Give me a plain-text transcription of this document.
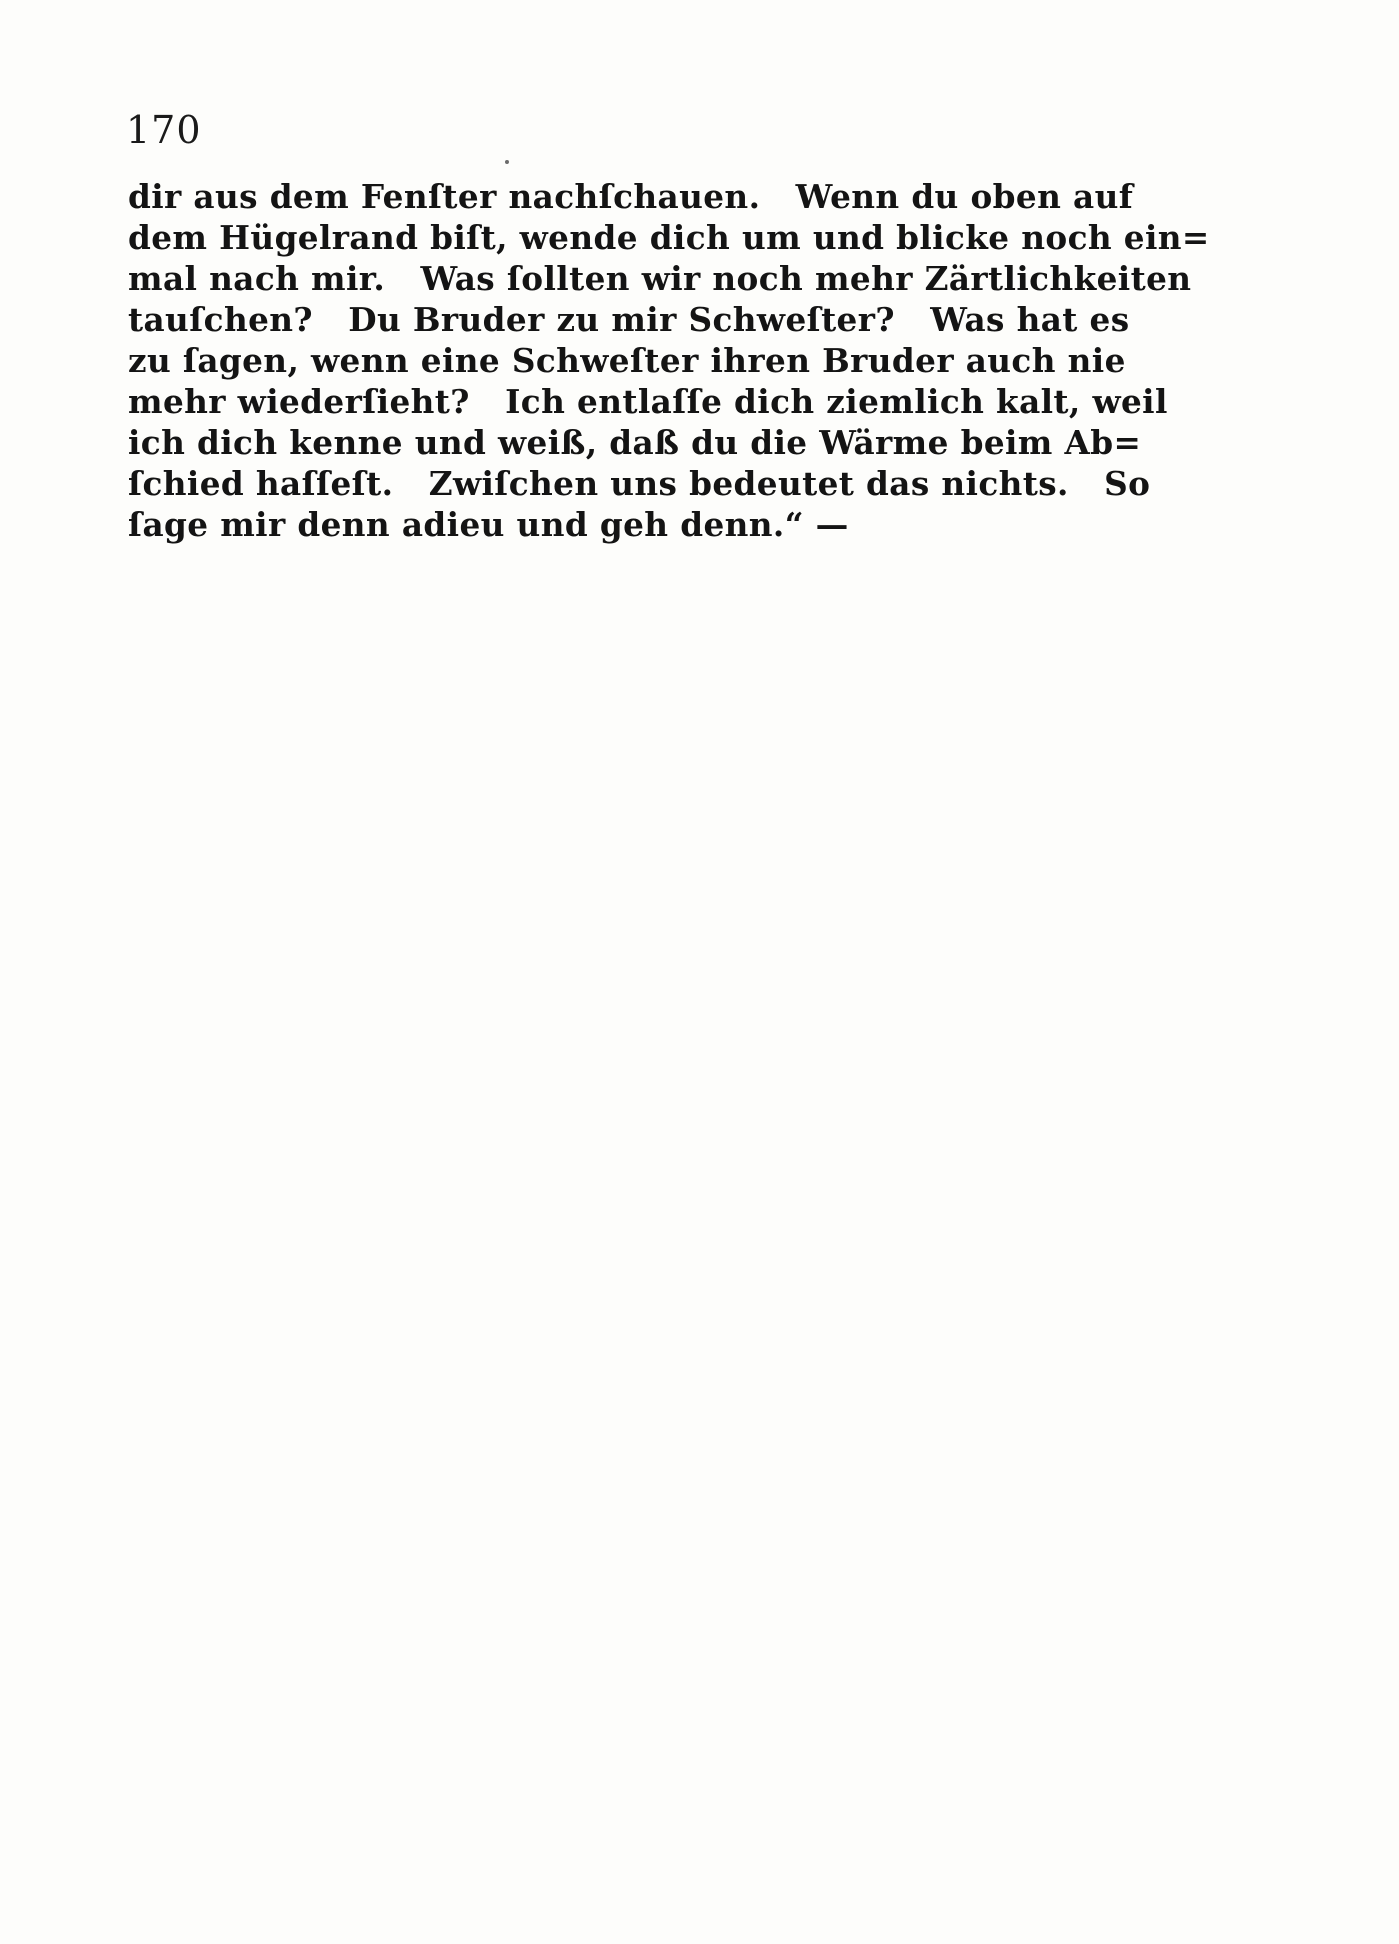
170
dir aus dem Fenſter nachſchauen.   Wenn du oben auf
dem Hügelrand biſt, wende dich um und blicke noch ein=
mal nach mir.   Was ſollten wir noch mehr Zärtlichkeiten
tauſchen?   Du Bruder zu mir Schweſter?   Was hat es
zu ſagen, wenn eine Schweſter ihren Bruder auch nie
mehr wiederſieht?   Ich entlaſſe dich ziemlich kalt, weil
ich dich kenne und weiß, daß du die Wärme beim Ab=
ſchied haſſeſt.   Zwiſchen uns bedeutet das nichts.   So
ſage mir denn adieu und geh denn.“ —
